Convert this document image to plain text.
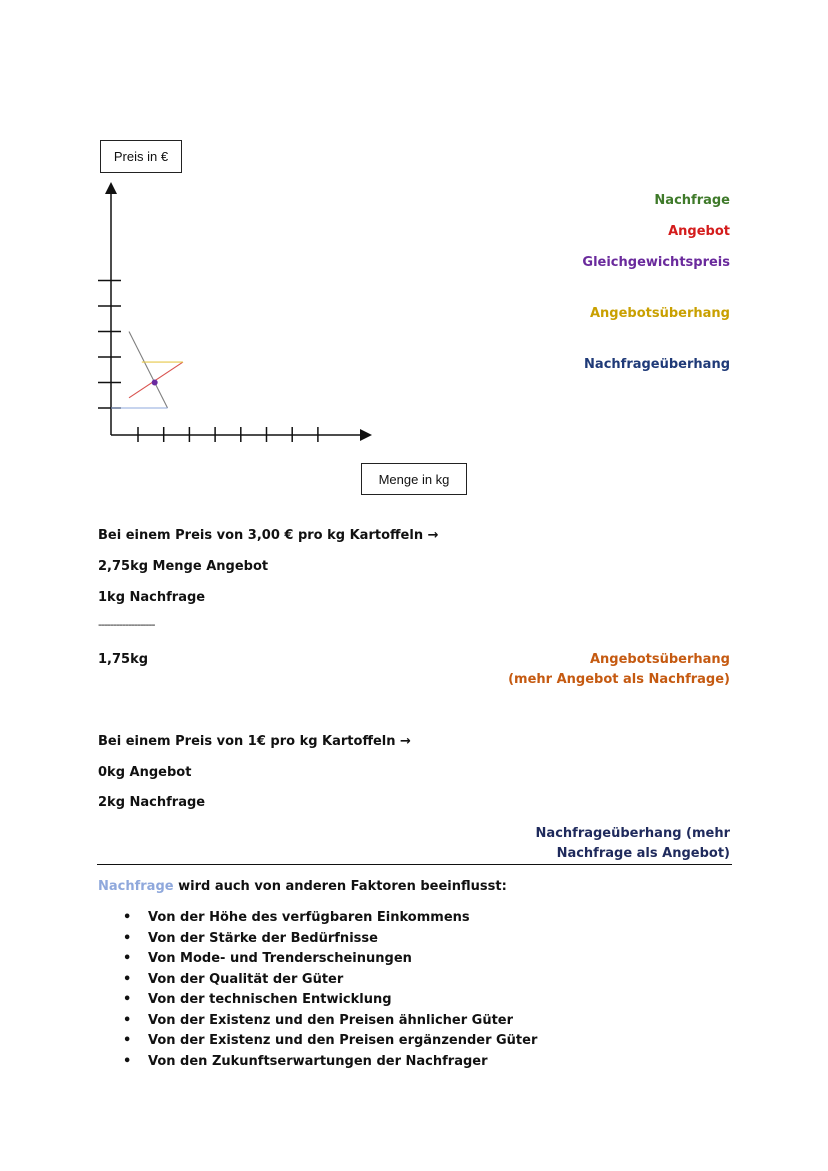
Preis in €
Menge in kg
Nachfrage
Angebot
Gleichgewichtspreis
Angebotsüberhang
Nachfrageüberhang
Bei einem Preis von 3,00 € pro kg Kartoffeln →
2,75kg Menge Angebot
1kg Nachfrage
-------------------
1,75kg	Angebotsüberhang
(mehr Angebot als Nachfrage)
Bei einem Preis von 1€ pro kg Kartoffeln →
0kg Angebot
2kg Nachfrage
Nachfrageüberhang (mehr
Nachfrage als Angebot)
Nachfrage wird auch von anderen Faktoren beeinflusst:
• Von der Höhe des verfügbaren Einkommens
• Von der Stärke der Bedürfnisse
• Von Mode- und Trenderscheinungen
• Von der Qualität der Güter
• Von der technischen Entwicklung
• Von der Existenz und den Preisen ähnlicher Güter
• Von der Existenz und den Preisen ergänzender Güter
• Von den Zukunftserwartungen der Nachfrager
